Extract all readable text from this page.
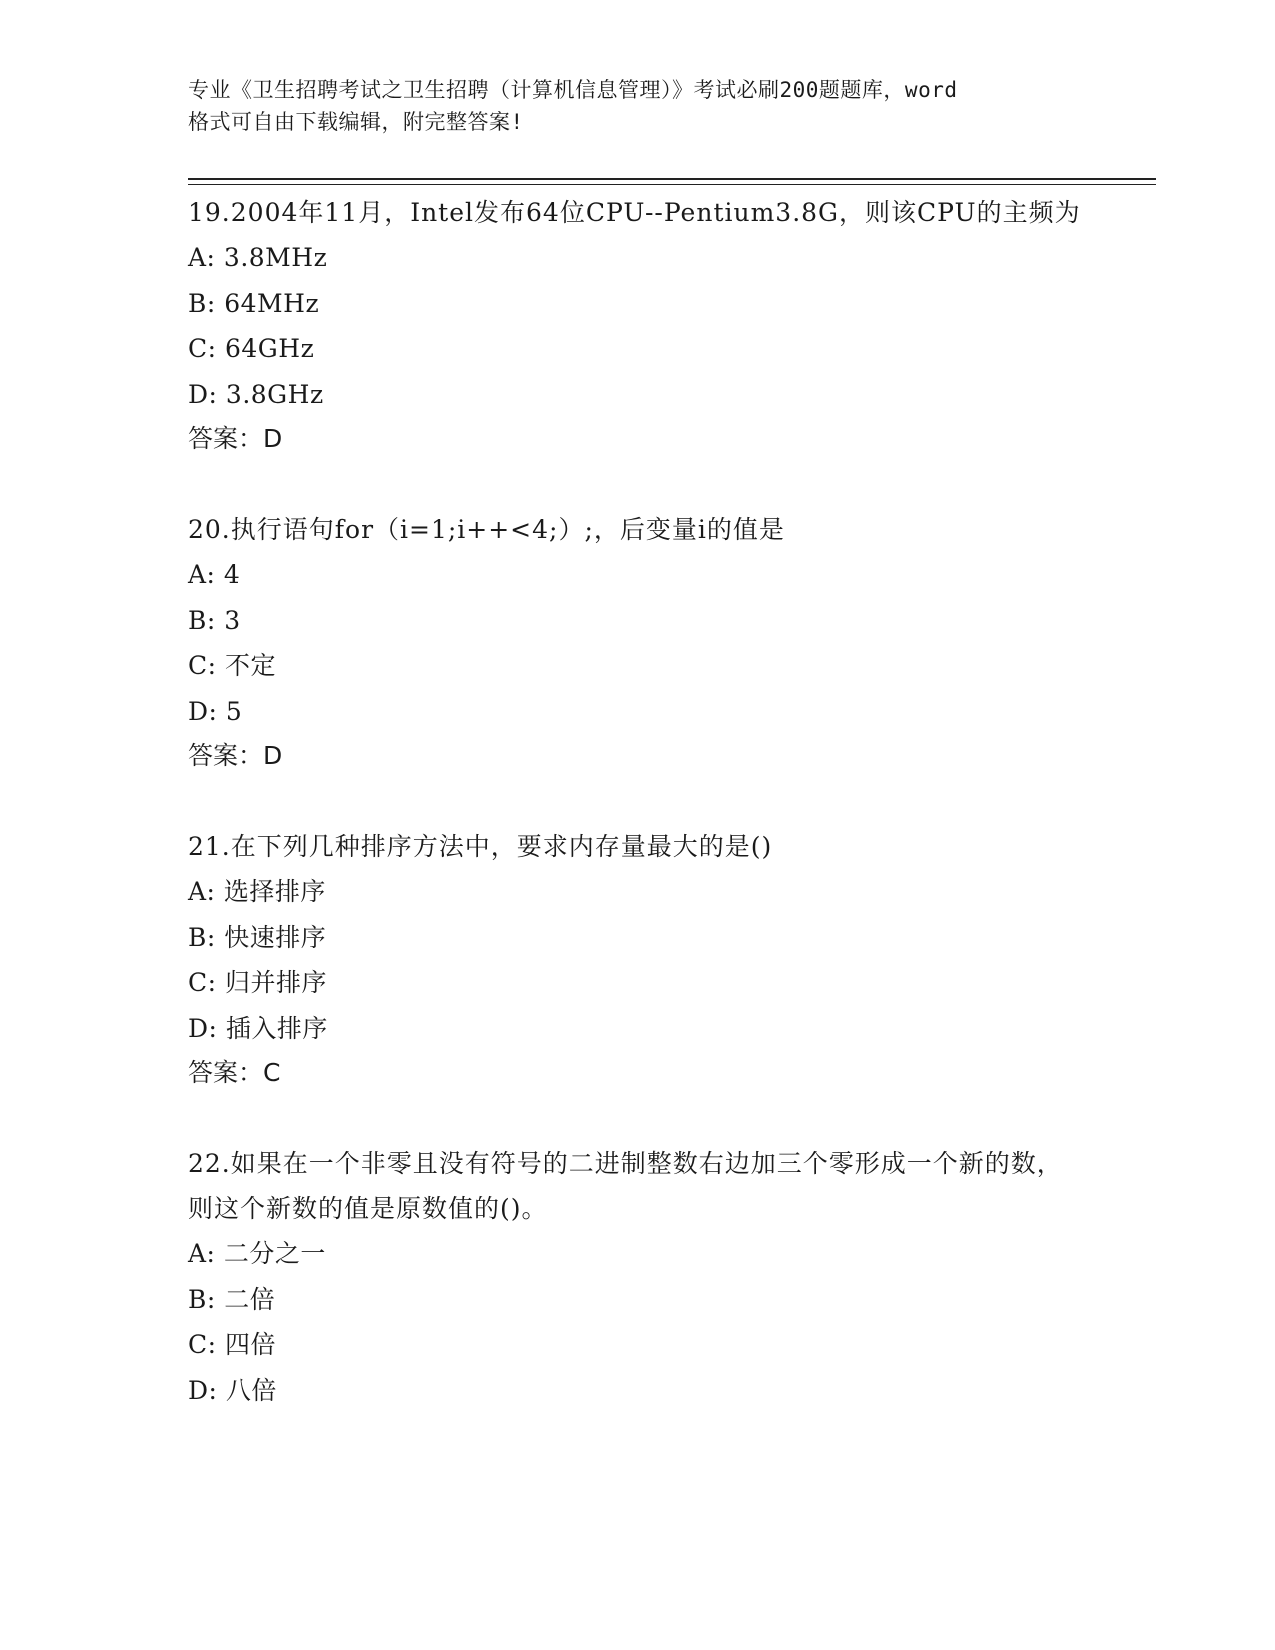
专业《卫生招聘考试之卫生招聘（计算机信息管理）》考试必刷200题题库，word
格式可自由下载编辑，附完整答案!
19.2004年11月，Intel发布64位CPU--Pentium3.8G，则该CPU的主频为
A: 3.8MHz
B: 64MHz
C: 64GHz
D: 3.8GHz
答案：D
20.执行语句for（i=1;i++<4;）;，后变量i的值是
A: 4
B: 3
C: 不定
D: 5
答案：D
21.在下列几种排序方法中，要求内存量最大的是()
A: 选择排序
B: 快速排序
C: 归并排序
D: 插入排序
答案：C
22.如果在一个非零且没有符号的二进制整数右边加三个零形成一个新的数，则这个新数的值是原数值的()。
A: 二分之一
B: 二倍
C: 四倍
D: 八倍
